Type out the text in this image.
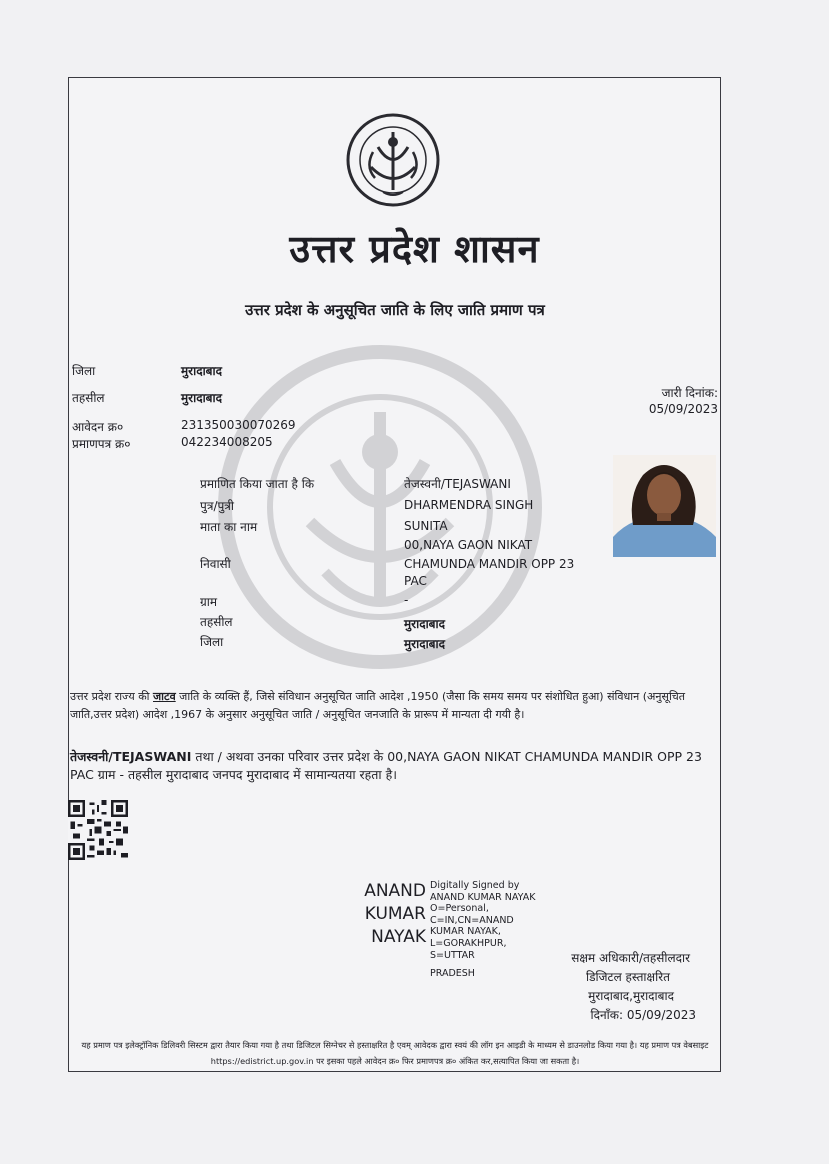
उत्तर प्रदेश शासन
उत्तर प्रदेश के अनुसूचित जाति के लिए जाति प्रमाण पत्र
जिला	मुरादाबाद
तहसील	मुरादाबाद
आवेदन क्र०	231350030070269
प्रमाणपत्र क्र०	042234008205
जारी दिनांक:
05/09/2023
प्रमाणित किया जाता है कि	तेजस्वनी/TEJASWANI
पुत्र/पुत्री	DHARMENDRA SINGH
माता का नाम	SUNITA
00,NAYA GAON NIKAT
निवासी	CHAMUNDA MANDIR OPP 23
PAC
ग्राम	-
तहसील	मुरादाबाद
जिला	मुरादाबाद
उत्तर प्रदेश राज्य की जाटव जाति के व्यक्ति हैं, जिसे संविधान अनुसूचित जाति आदेश ,1950 (जैसा कि समय समय पर संशोधित हुआ) संविधान (अनुसूचित जाति,उत्तर प्रदेश) आदेश ,1967 के अनुसार अनुसूचित जाति / अनुसूचित जनजाति के प्रारूप में मान्यता दी गयी है।
तेजस्वनी/TEJASWANI तथा / अथवा उनका परिवार उत्तर प्रदेश के 00,NAYA GAON NIKAT CHAMUNDA MANDIR OPP 23 PAC ग्राम - तहसील मुरादाबाद जनपद मुरादाबाद में सामान्यतया रहता है।
ANAND
KUMAR
NAYAK
Digitally Signed by ANAND KUMAR NAYAK O=Personal, C=IN,CN=ANAND KUMAR NAYAK, L=GORAKHPUR, S=UTTAR
PRADESH
सक्षम अधिकारी/तहसीलदार
डिजिटल हस्ताक्षरित
मुरादाबाद,मुरादाबाद
दिनाँक: 05/09/2023
यह प्रमाण पत्र इलेक्ट्रॉनिक डिलिवरी सिस्टम द्वारा तैयार किया गया है तथा डिजिटल सिग्नेचर से हस्ताक्षरित है एवम् आवेदक द्वारा स्वयं की लॉग इन आइडी के माध्यम से डाउनलोड किया गया है। यह प्रमाण पत्र वेबसाइट https://edistrict.up.gov.in पर इसका पहले आवेदन क्र० फिर प्रमाणपत्र क्र० अंकित कर,सत्यापित किया जा सकता है।
